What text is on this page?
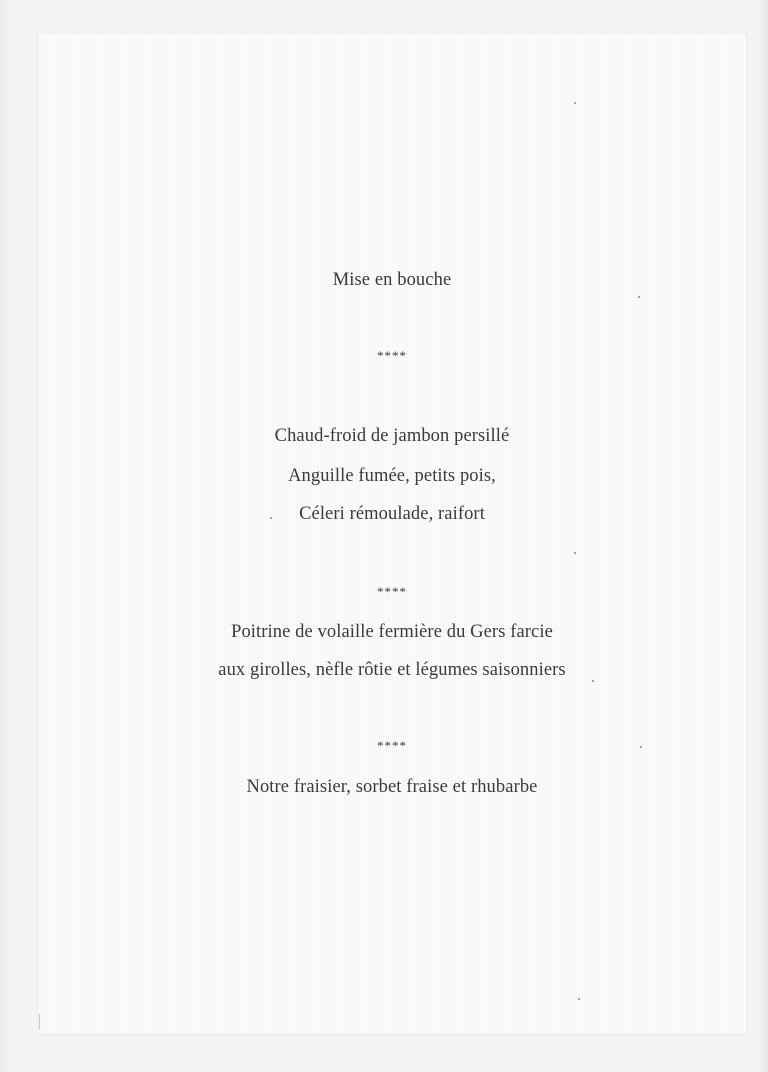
Mise en bouche
****
Chaud-froid de jambon persillé
Anguille fumée, petits pois,
Céleri rémoulade, raifort
****
Poitrine de volaille fermière du Gers farcie
aux girolles, nèfle rôtie et légumes saisonniers
****
Notre fraisier, sorbet fraise et rhubarbe
